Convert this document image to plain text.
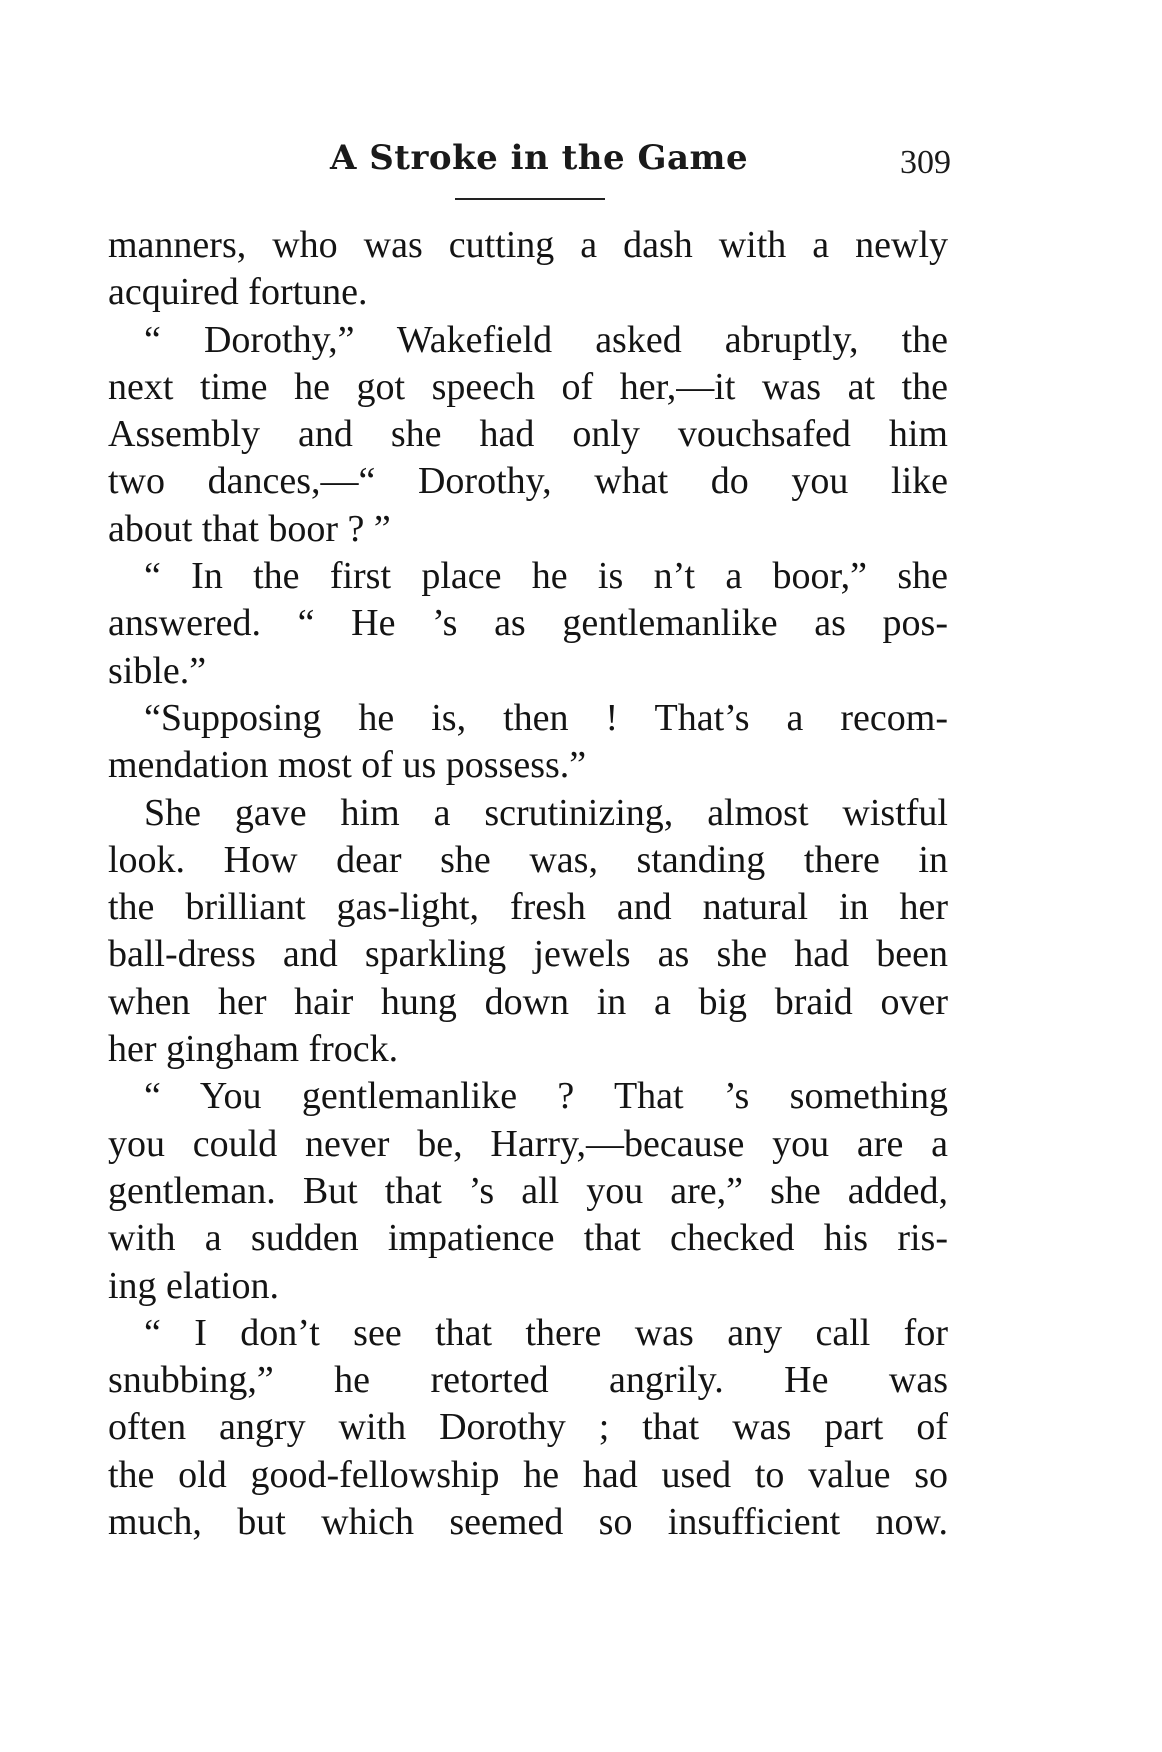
A Stroke in the Game	309
manners, who was cutting a dash with a newly
acquired fortune.
“ Dorothy,” Wakefield asked abruptly, the
next time he got speech of her,—it was at the
Assembly and she had only vouchsafed him
two dances,—“ Dorothy, what do you like
about that boor ? ”
“ In the first place he is n’t a boor,” she
answered. “ He ’s as gentlemanlike as pos-
sible.”
“Supposing he is, then ! That’s a recom-
mendation most of us possess.”
She gave him a scrutinizing, almost wistful
look. How dear she was, standing there in
the brilliant gas-light, fresh and natural in her
ball-dress and sparkling jewels as she had been
when her hair hung down in a big braid over
her gingham frock.
“ You gentlemanlike ? That ’s something
you could never be, Harry,—because you are a
gentleman. But that ’s all you are,” she added,
with a sudden impatience that checked his ris-
ing elation.
“ I don’t see that there was any call for
snubbing,” he retorted angrily. He was
often angry with Dorothy ; that was part of
the old good-fellowship he had used to value so
much, but which seemed so insufficient now.
